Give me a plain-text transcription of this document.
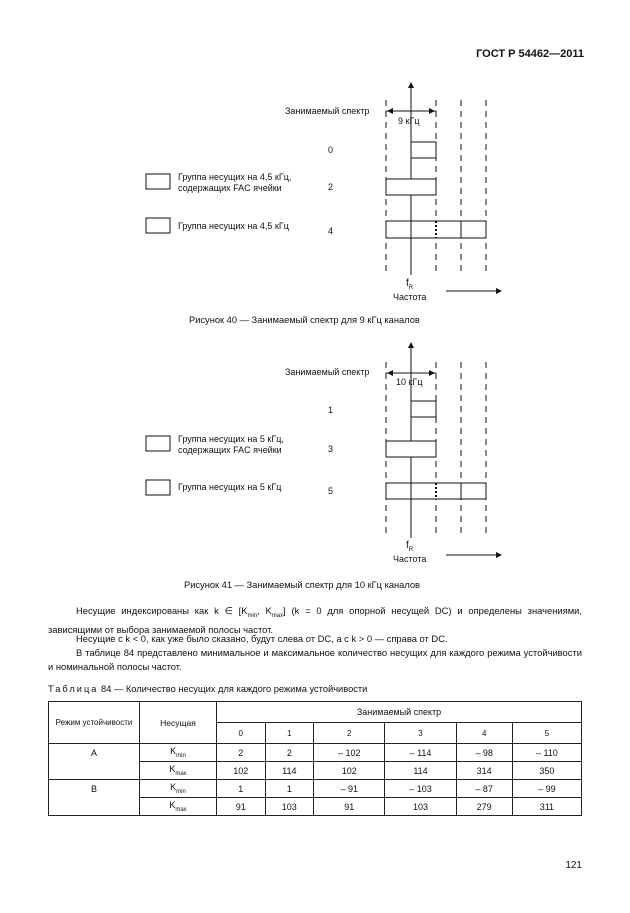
ГОСТ Р 54462—2011
Занимаемый спектр
9 кГц
0
2
4
Группа несущих на 4,5 кГц,
содержащих FAC ячейки
Группа несущих на 4,5 кГц
$f_R$
Частота
Рисунок 40 — Занимаемый спектр для 9 кГц каналов
Занимаемый спектр
10 кГц
1
3
5
Группа несущих на 5 кГц,
содержащих FAC ячейки
Группа несущих на 5 кГц
$f_R$
Частота
Рисунок 41 — Занимаемый спектр для 10 кГц каналов
Несущие индексированы как k ∈ [$K_{min}$, $K_{max}$] (k = 0 для опорной несущей DC) и определены значениями, зависящими от выбора занимаемой полосы частот.
Несущие с k < 0, как уже было сказано, будут слева от DC, а с k > 0 — справа от DC.
В таблице 84 представлено минимальное и максимальное количество несущих для каждого режима устойчивости и номинальной полосы частот.
Таблица 84 — Количество несущих для каждого режима устойчивости
Режим устойчивости	Несущая	Занимаемый спектр					
		0	1	2	3	4	5
A	$K_{min}$	2	2	– 102	– 114	– 98	– 110
	$K_{max}$	102	114	102	114	314	350
B	$K_{min}$	1	1	– 91	– 103	– 87	– 99
	$K_{max}$	91	103	91	103	279	311
121
